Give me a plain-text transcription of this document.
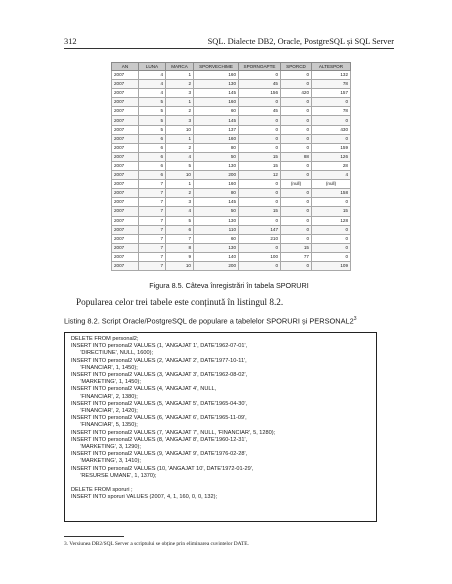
312	SQL. Dialecte DB2, Oracle, PostgreSQL și SQL Server
AN	LUNA	MARCA	SPORVECHIME	SPORNOAPTE	SPORCD	ALTESPOR
2007	4	1	160	0	0	132
2007	4	2	130	45	0	78
2007	4	3	145	156	420	157
2007	5	1	160	0	0	0
2007	5	2	60	45	0	78
2007	5	3	145	0	0	0
2007	5	10	137	0	0	430
2007	6	1	160	0	0	0
2007	6	2	80	0	0	159
2007	6	4	50	15	88	126
2007	6	5	130	15	0	28
2007	6	10	200	12	0	4
2007	7	1	160	0	(null)	(null)
2007	7	2	80	0	0	158
2007	7	3	145	0	0	0
2007	7	4	50	15	0	15
2007	7	5	130	0	0	128
2007	7	6	110	147	0	0
2007	7	7	60	210	0	0
2007	7	8	130	0	15	0
2007	7	9	140	100	77	0
2007	7	10	200	0	0	109
Figura 8.5. Câteva înregistrări în tabela SPORURI
Popularea celor trei tabele este conținută în listingul 8.2.
Listing 8.2. Script Oracle/PostgreSQL de populare a tabelelor SPORURI și $PERSONAL2^3$
DELETE FROM personal2;
INSERT INTO personal2 VALUES (1, 'ANGAJAT 1', DATE'1962-07-01',
'DIRECTIUNE', NULL, 1600);
INSERT INTO personal2 VALUES (2, 'ANGAJAT 2', DATE'1977-10-11',
'FINANCIAR', 1, 1450);
INSERT INTO personal2 VALUES (3, 'ANGAJAT 3', DATE'1962-08-02',
'MARKETING', 1, 1450);
INSERT INTO personal2 VALUES (4, 'ANGAJAT 4', NULL,
'FINANCIAR', 2, 1380);
INSERT INTO personal2 VALUES (5, 'ANGAJAT 5', DATE'1965-04-30',
'FINANCIAR', 2, 1420);
INSERT INTO personal2 VALUES (6, 'ANGAJAT 6', DATE'1965-11-09',
'FINANCIAR', 5, 1350);
INSERT INTO personal2 VALUES (7, 'ANGAJAT 7', NULL, 'FINANCIAR', 5, 1280);
INSERT INTO personal2 VALUES (8, 'ANGAJAT 8', DATE'1960-12-31',
'MARKETING', 3, 1290);
INSERT INTO personal2 VALUES (9, 'ANGAJAT 9', DATE'1976-02-28',
'MARKETING', 3, 1410);
INSERT INTO personal2 VALUES (10, 'ANGAJAT 10', DATE'1972-01-29',
'RESURSE UMANE', 1, 1370);

DELETE FROM sporuri ;
INSERT INTO sporuri VALUES (2007, 4, 1, 160, 0, 0, 132);
3. Versiunea DB2/SQL Server a scriptului se obține prin eliminarea cuvintelor DATE.
